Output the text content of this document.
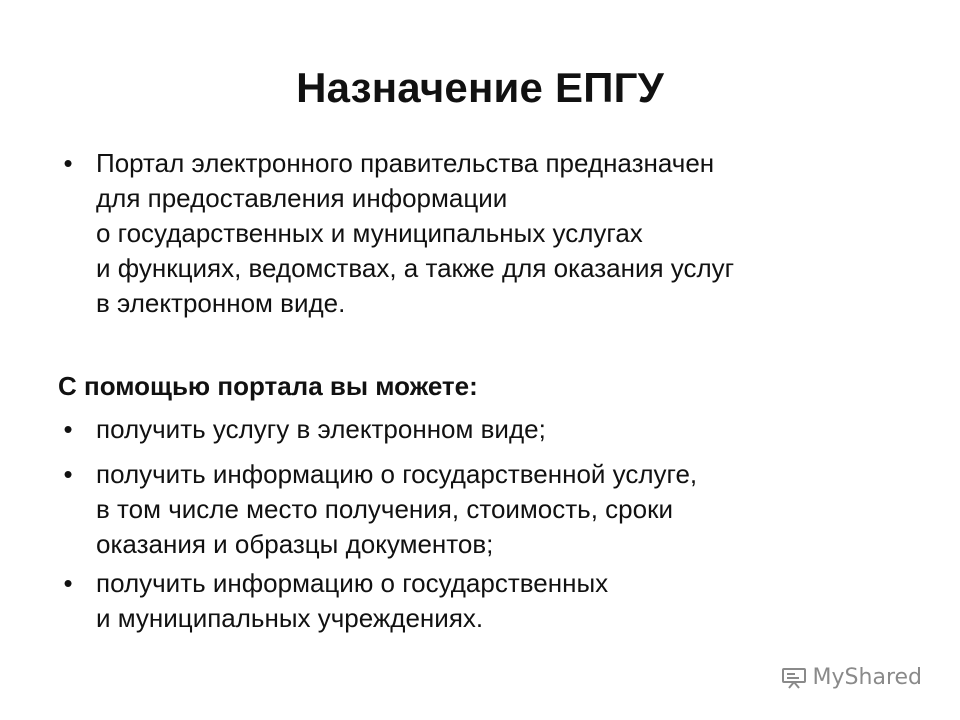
Назначение ЕПГУ
• Портал электронного правительства предназначен
для предоставления информации
о государственных и муниципальных услугах
и функциях, ведомствах, а также для оказания услуг
в электронном виде.
С помощью портала вы можете:
• получить услугу в электронном виде;
• получить информацию о государственной услуге,
в том числе место получения, стоимость, сроки
оказания и образцы документов;
• получить информацию о государственных
и муниципальных учреждениях.
MyShared
